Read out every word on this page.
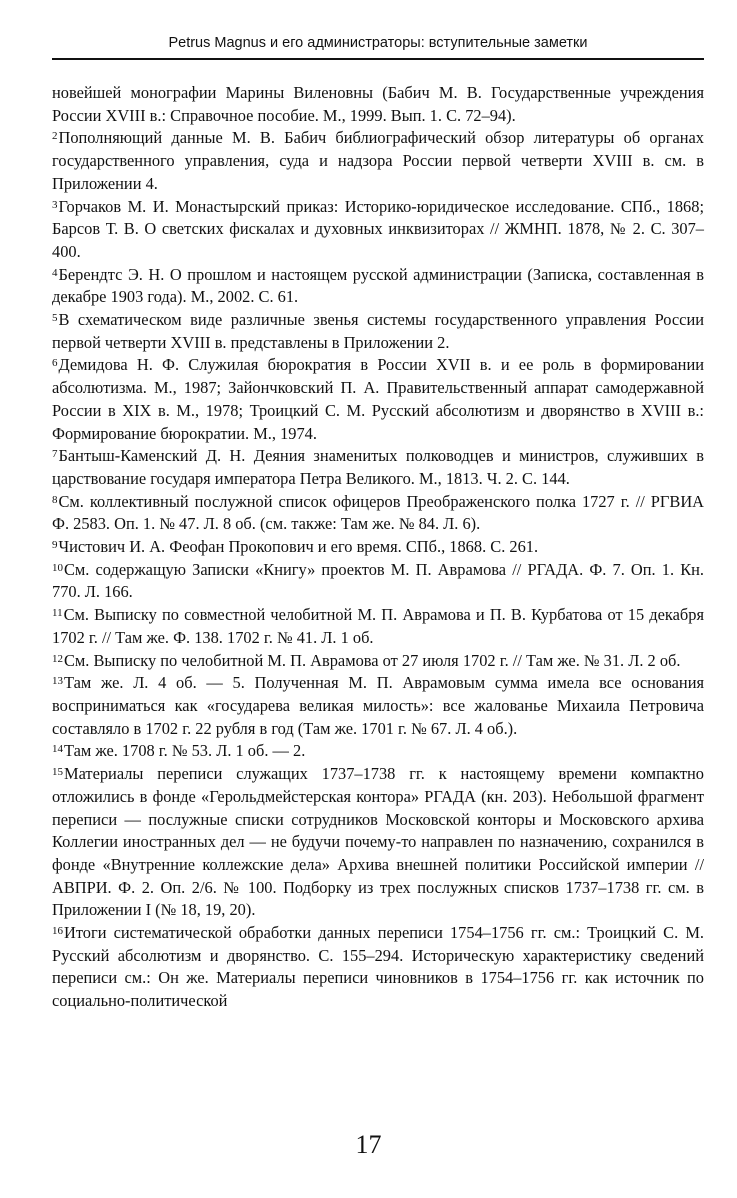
Petrus Magnus и его администраторы: вступительные заметки

новейшей монографии Марины Виленовны (Бабич М. В. Государственные учреждения России XVIII в.: Справочное пособие. М., 1999. Вып. 1. С. 72–94).

$^2$Пополняющий данные М. В. Бабич библиографический обзор литературы об органах государственного управления, суда и надзора России первой четверти XVIII в. см. в Приложении 4.

$^3$Горчаков М. И. Монастырский приказ: Историко-юридическое исследование. СПб., 1868; Барсов Т. В. О светских фискалах и духовных инквизиторах // ЖМНП. 1878, № 2. С. 307–400.

$^4$Берендтс Э. Н. О прошлом и настоящем русской администрации (Записка, составленная в декабре 1903 года). М., 2002. С. 61.

$^5$В схематическом виде различные звенья системы государственного управления России первой четверти XVIII в. представлены в Приложении 2.

$^6$Демидова Н. Ф. Служилая бюрократия в России XVII в. и ее роль в формировании абсолютизма. М., 1987; Зайончковский П. А. Правительственный аппарат самодержавной России в XIX в. М., 1978; Троицкий С. М. Русский абсолютизм и дворянство в XVIII в.: Формирование бюрократии. М., 1974.

$^7$Бантыш-Каменский Д. Н. Деяния знаменитых полководцев и министров, служивших в царствование государя императора Петра Великого. М., 1813. Ч. 2. С. 144.

$^8$См. коллективный послужной список офицеров Преображенского полка 1727 г. // РГВИА Ф. 2583. Оп. 1. № 47. Л. 8 об. (см. также: Там же. № 84. Л. 6).

$^9$Чистович И. А. Феофан Прокопович и его время. СПб., 1868. С. 261.

$^{10}$См. содержащую Записки «Книгу» проектов М. П. Аврамова // РГАДА. Ф. 7. Оп. 1. Кн. 770. Л. 166.

$^{11}$См. Выписку по совместной челобитной М. П. Аврамова и П. В. Курбатова от 15 декабря 1702 г. // Там же. Ф. 138. 1702 г. № 41. Л. 1 об.

$^{12}$См. Выписку по челобитной М. П. Аврамова от 27 июля 1702 г. // Там же. № 31. Л. 2 об.

$^{13}$Там же. Л. 4 об. — 5. Полученная М. П. Аврамовым сумма имела все основания восприниматься как «государева великая милость»: все жалованье Михаила Петровича составляло в 1702 г. 22 рубля в год (Там же. 1701 г. № 67. Л. 4 об.).

$^{14}$Там же. 1708 г. № 53. Л. 1 об. — 2.

$^{15}$Материалы переписи служащих 1737–1738 гг. к настоящему времени компактно отложились в фонде «Герольдмейстерская контора» РГАДА (кн. 203). Небольшой фрагмент переписи — послужные списки сотрудников Московской конторы и Московского архива Коллегии иностранных дел — не будучи почему-то направлен по назначению, сохранился в фонде «Внутренние коллежские дела» Архива внешней политики Российской империи // АВПРИ. Ф. 2. Оп. 2/6. № 100. Подборку из трех послужных списков 1737–1738 гг. см. в Приложении I (№ 18, 19, 20).

$^{16}$Итоги систематической обработки данных переписи 1754–1756 гг. см.: Троицкий С. М. Русский абсолютизм и дворянство. С. 155–294. Историческую характеристику сведений переписи см.: Он же. Материалы переписи чиновников в 1754–1756 гг. как источник по социально-политической

17
